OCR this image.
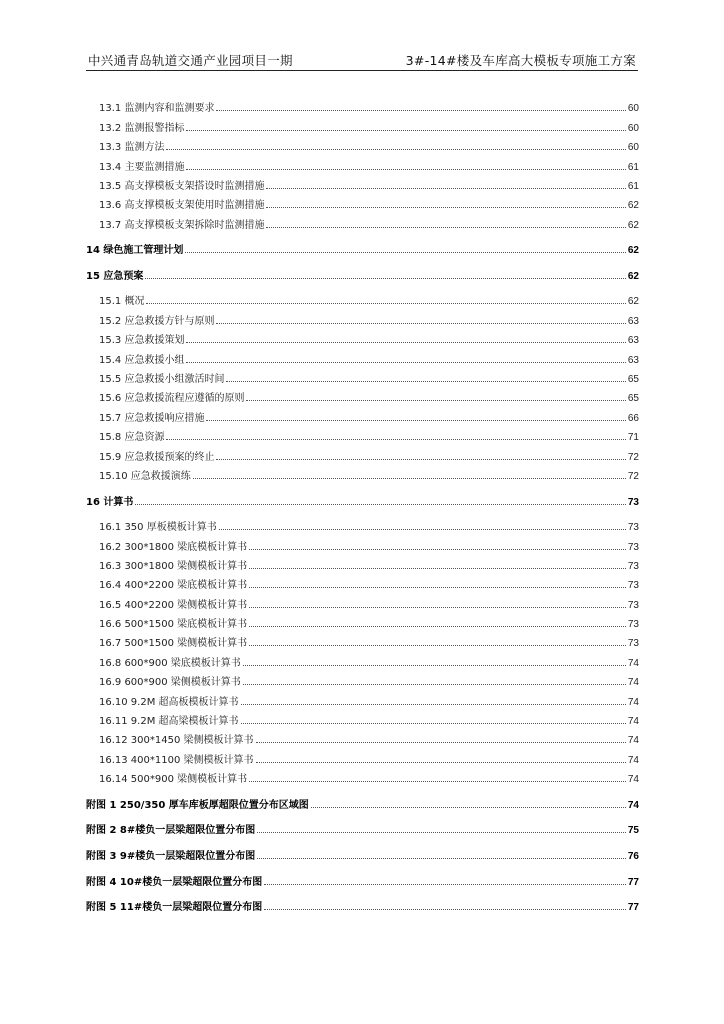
中兴通青岛轨道交通产业园项目一期	3#-14#楼及车库高大模板专项施工方案
13.1 监测内容和监测要求	60
13.2 监测报警指标	60
13.3 监测方法	60
13.4 主要监测措施	61
13.5 高支撑模板支架搭设时监测措施	61
13.6 高支撑模板支架使用时监测措施	62
13.7 高支撑模板支架拆除时监测措施	62
14 绿色施工管理计划	62
15 应急预案	62
15.1 概况	62
15.2 应急救援方针与原则	63
15.3 应急救援策划	63
15.4 应急救援小组	63
15.5 应急救援小组激活时间	65
15.6 应急救援流程应遵循的原则	65
15.7 应急救援响应措施	66
15.8 应急资源	71
15.9 应急救援预案的终止	72
15.10 应急救援演练	72
16 计算书	73
16.1 350 厚板模板计算书	73
16.2 300*1800 梁底模板计算书	73
16.3 300*1800 梁侧模板计算书	73
16.4 400*2200 梁底模板计算书	73
16.5 400*2200 梁侧模板计算书	73
16.6 500*1500 梁底模板计算书	73
16.7 500*1500 梁侧模板计算书	73
16.8 600*900 梁底模板计算书	74
16.9 600*900 梁侧模板计算书	74
16.10 9.2M 超高板模板计算书	74
16.11 9.2M 超高梁模板计算书	74
16.12 300*1450 梁侧模板计算书	74
16.13 400*1100 梁侧模板计算书	74
16.14 500*900 梁侧模板计算书	74
附图 1 250/350 厚车库板厚超限位置分布区域图	74
附图 2 8#楼负一层梁超限位置分布图	75
附图 3 9#楼负一层梁超限位置分布图	76
附图 4 10#楼负一层梁超限位置分布图	77
附图 5 11#楼负一层梁超限位置分布图	77
